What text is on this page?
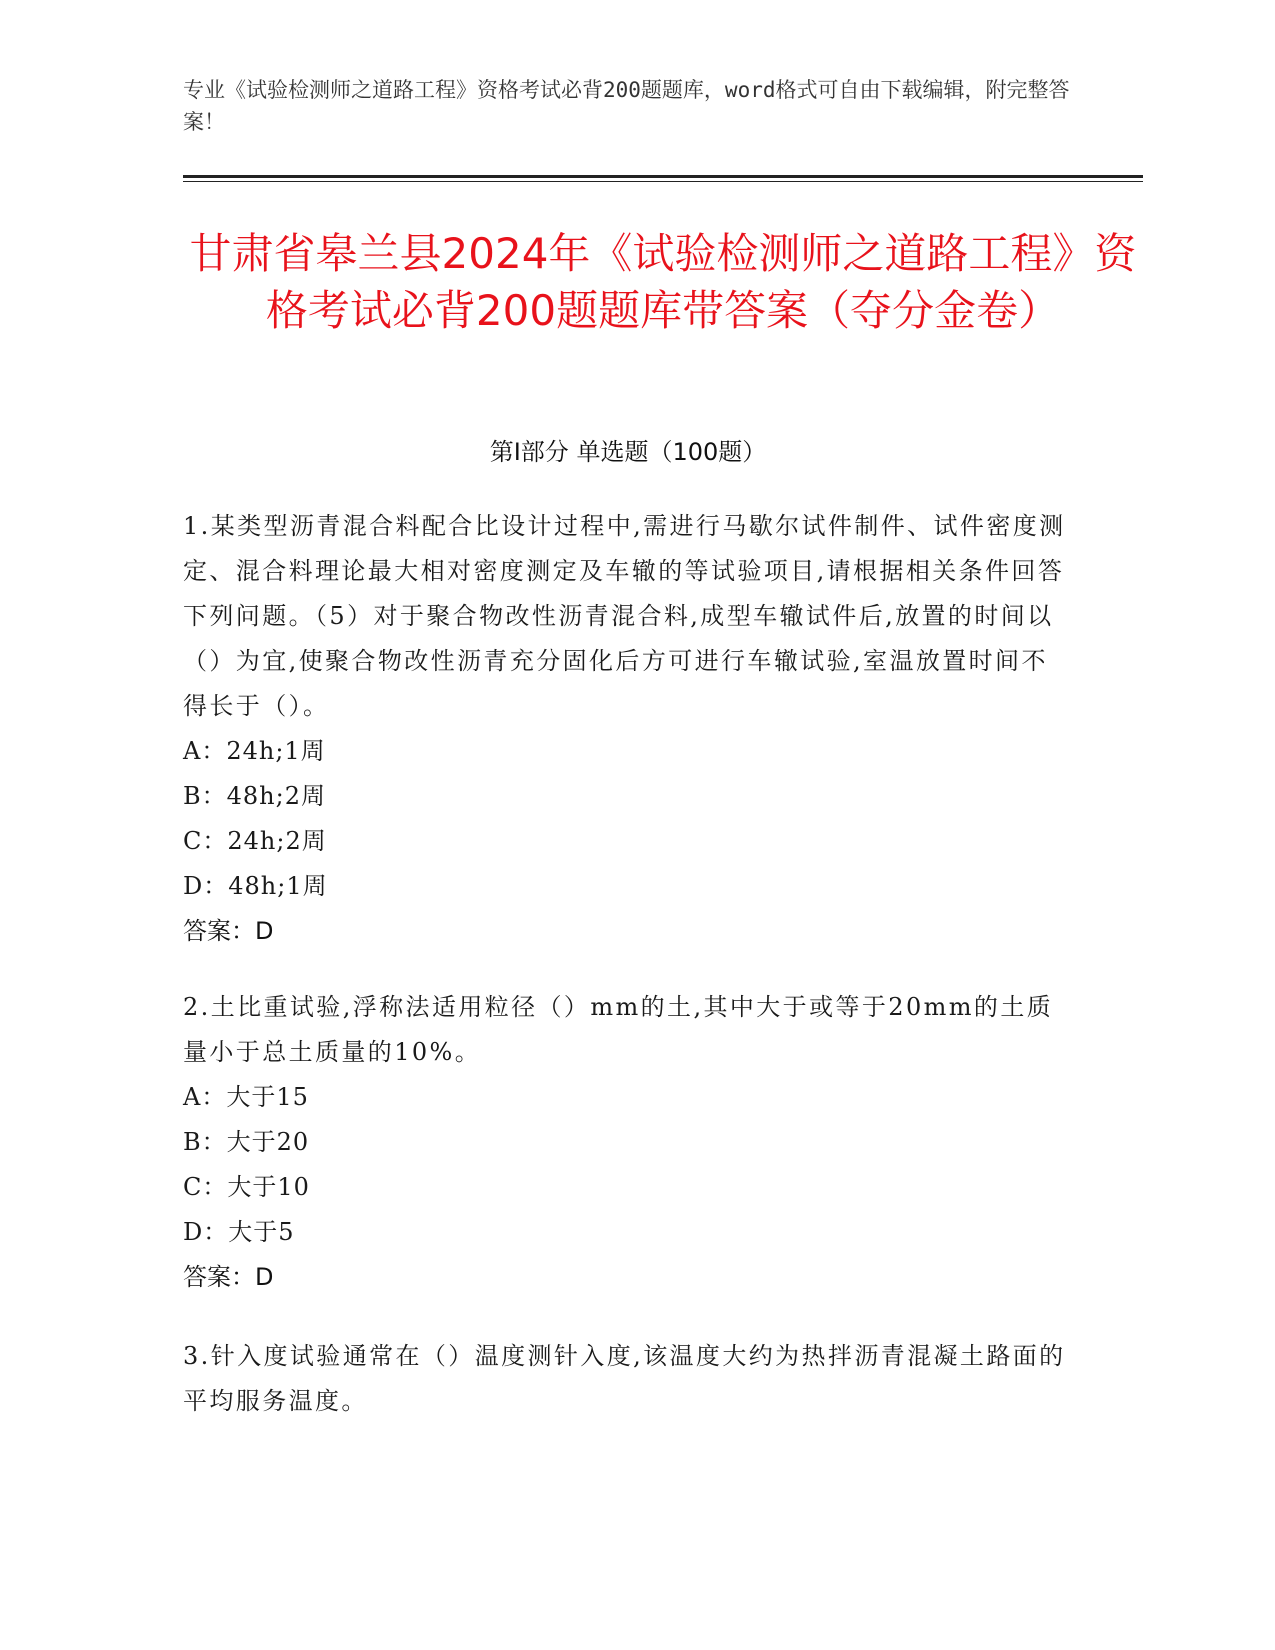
专业《试验检测师之道路工程》资格考试必背200题题库，word格式可自由下载编辑，附完整答案！
甘肃省皋兰县2024年《试验检测师之道路工程》资格考试必背200题题库带答案（夺分金卷）
第Ⅰ部分 单选题（100题）

1.某类型沥青混合料配合比设计过程中,需进行马歇尔试件制件、试件密度测定、混合料理论最大相对密度测定及车辙的等试验项目,请根据相关条件回答下列问题。（5）对于聚合物改性沥青混合料,成型车辙试件后,放置的时间以（）为宜,使聚合物改性沥青充分固化后方可进行车辙试验,室温放置时间不得长于（）。

A：24h;1周

B：48h;2周

C：24h;2周

D：48h;1周

答案：D

2.土比重试验,浮称法适用粒径（）mm的土,其中大于或等于20mm的土质量小于总土质量的10%。

A：大于15

B：大于20

C：大于10

D：大于5

答案：D

3.针入度试验通常在（）温度测针入度,该温度大约为热拌沥青混凝土路面的平均服务温度。
